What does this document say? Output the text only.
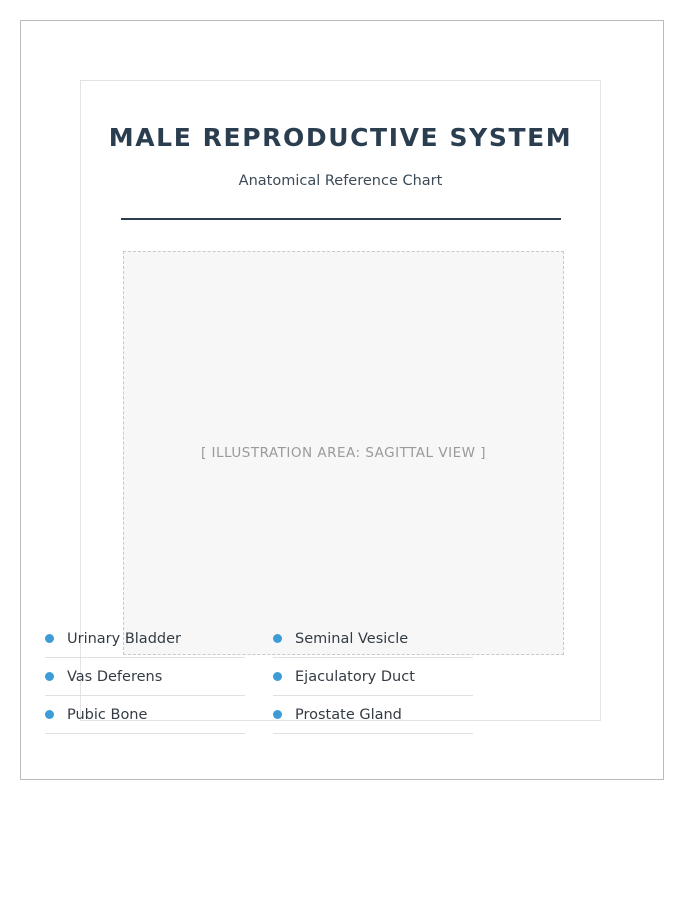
MALE REPRODUCTIVE SYSTEM
Anatomical Reference Chart
[ ILLUSTRATION AREA: SAGITTAL VIEW ]
Urinary Bladder
Vas Deferens
Pubic Bone
Seminal Vesicle
Ejaculatory Duct
Prostate Gland
